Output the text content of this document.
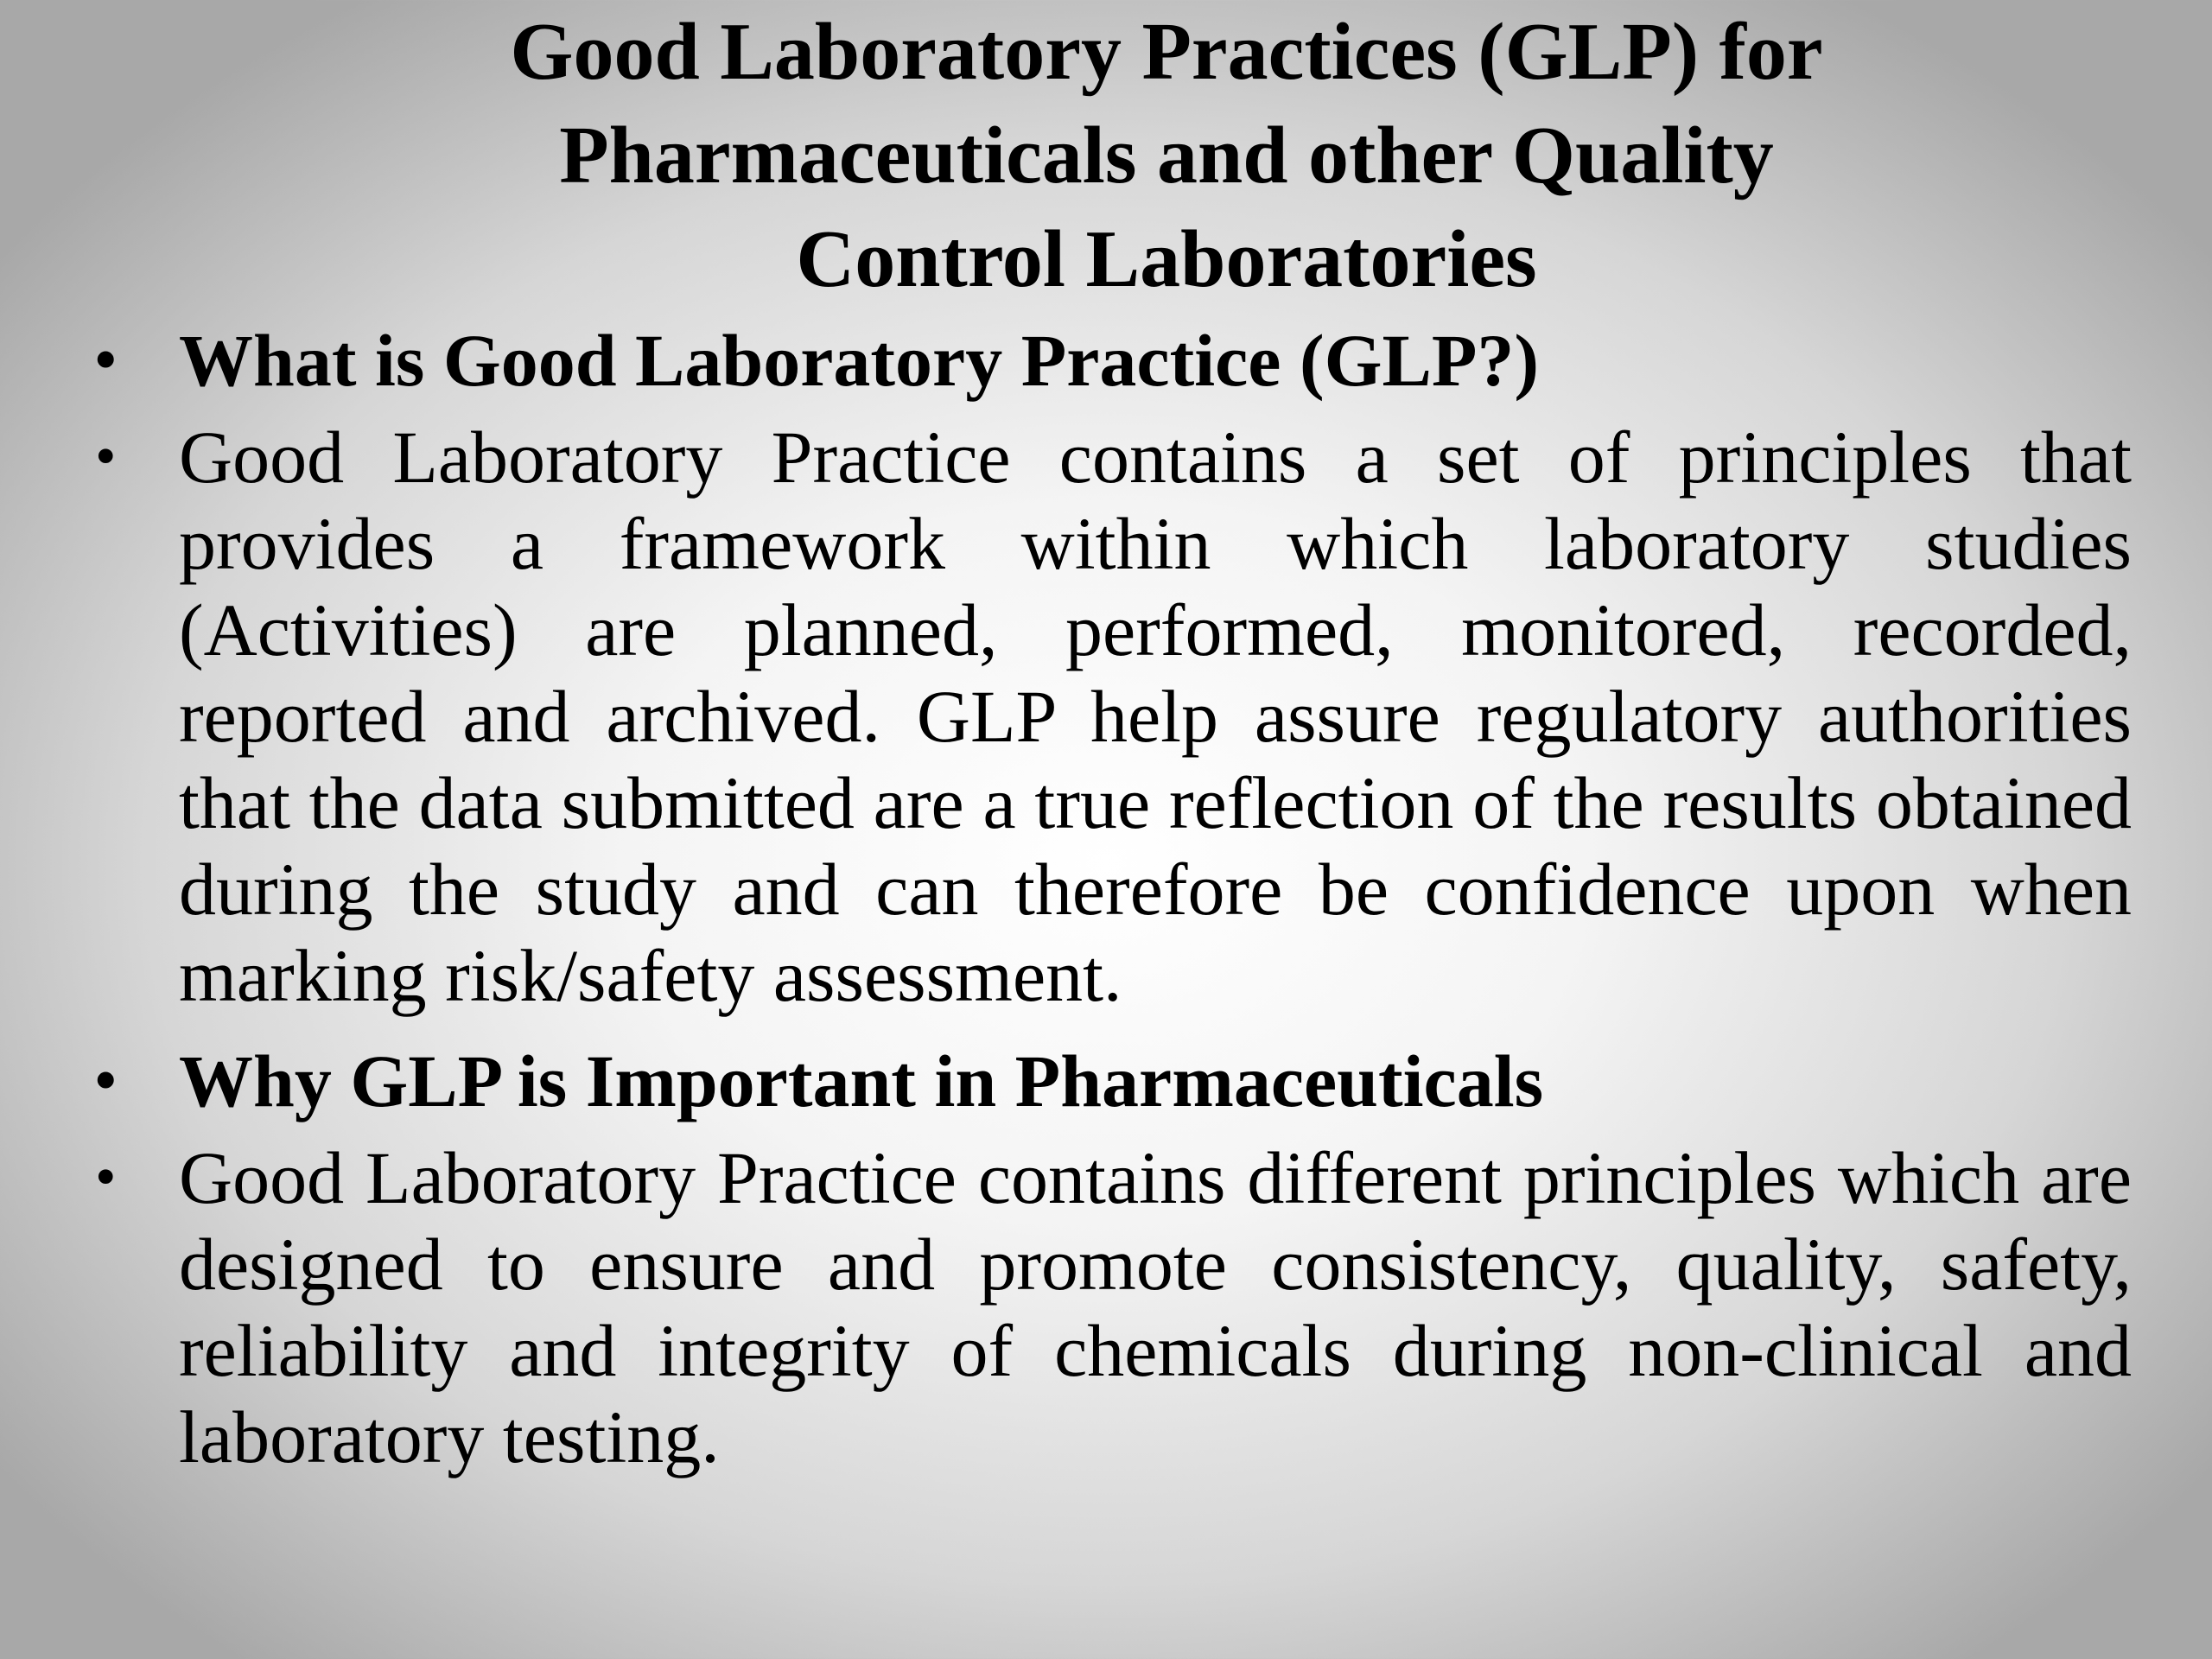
Good Laboratory Practices (GLP) for
Pharmaceuticals and other Quality
Control Laboratories
• What is Good Laboratory Practice (GLP?)
• Good Laboratory Practice contains a set of principles that provides a framework within which laboratory studies (Activities) are planned, performed, monitored, recorded, reported and archived. GLP help assure regulatory authorities that the data submitted are a true reflection of the results obtained during the study and can therefore be confidence upon when marking risk/safety assessment.
• Why GLP is Important in Pharmaceuticals
• Good Laboratory Practice contains different principles which are designed to ensure and promote consistency, quality, safety, reliability and integrity of chemicals during non-clinical and laboratory testing.
